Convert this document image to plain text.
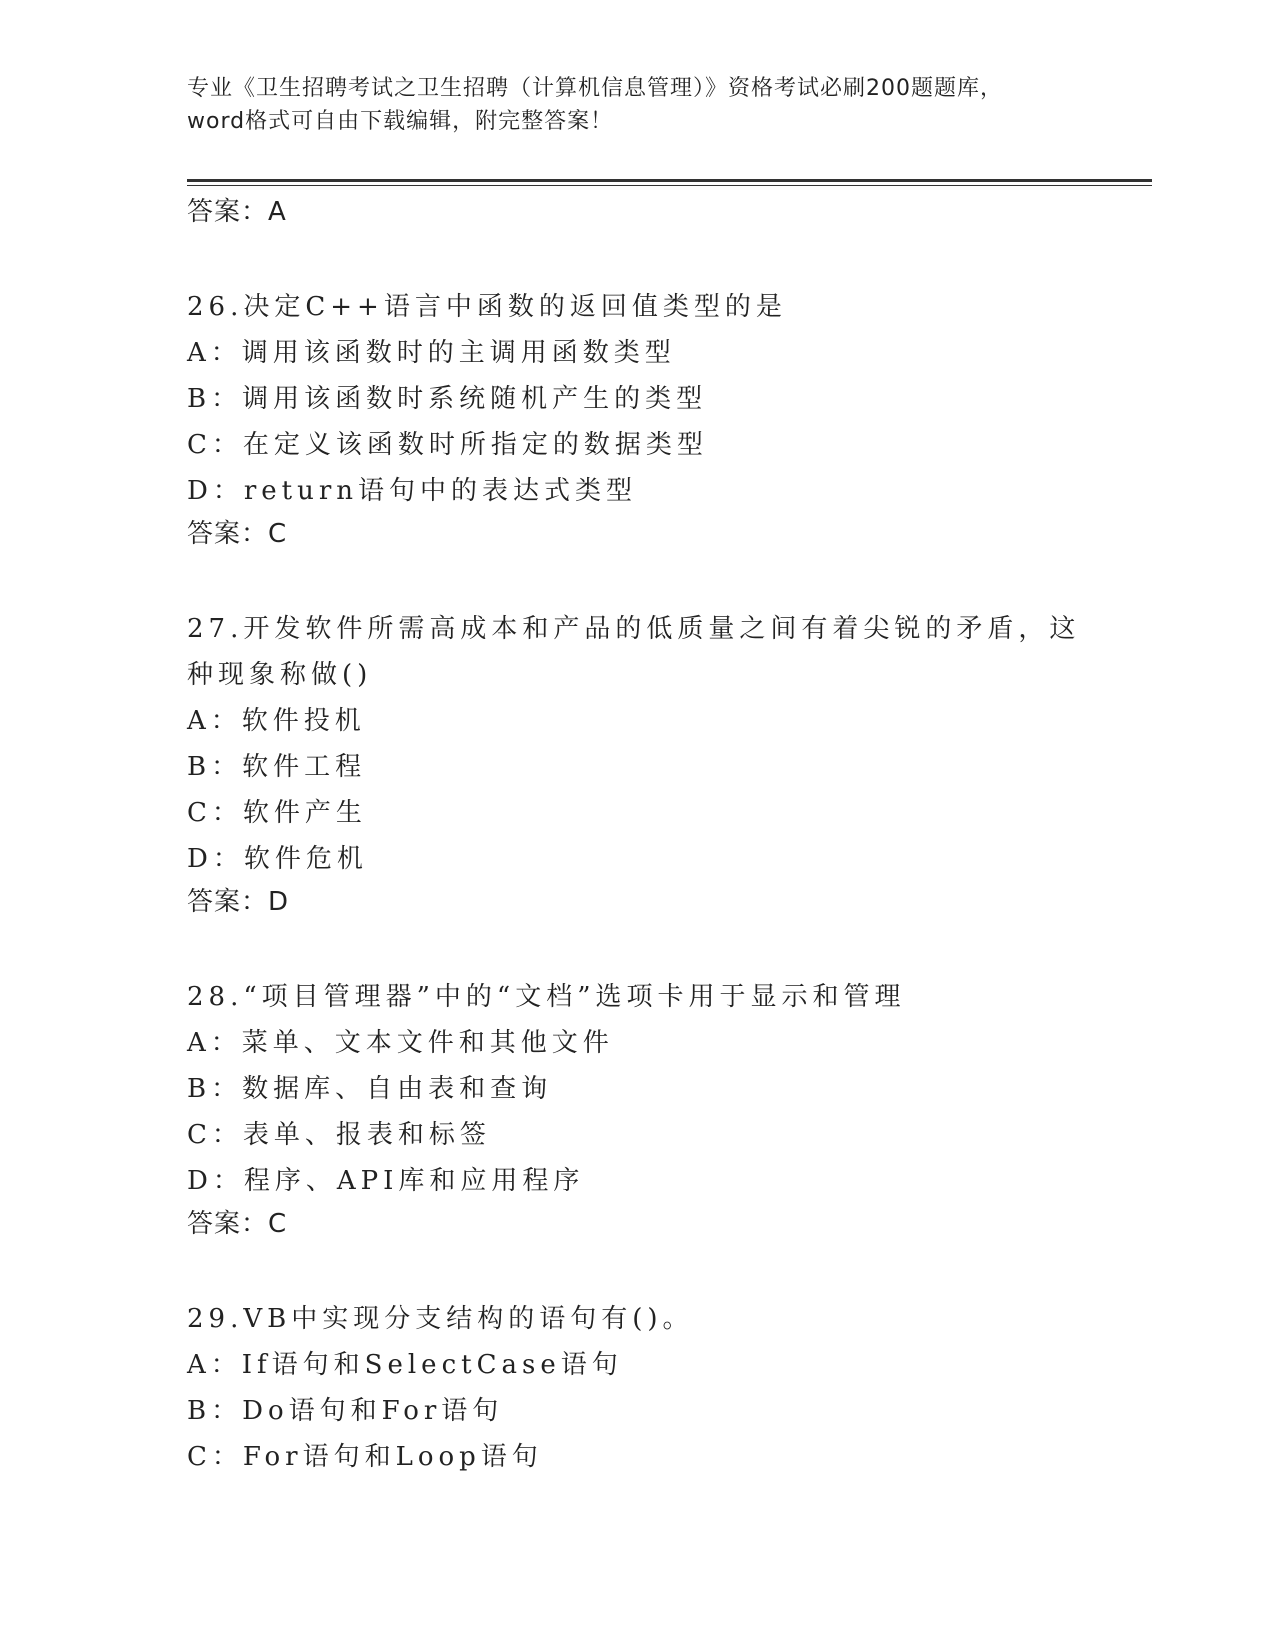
专业《卫生招聘考试之卫生招聘（计算机信息管理）》资格考试必刷200题题库，
word格式可自由下载编辑，附完整答案！
答案：A
26.决定C++语言中函数的返回值类型的是
A：调用该函数时的主调用函数类型
B：调用该函数时系统随机产生的类型
C：在定义该函数时所指定的数据类型
D：return语句中的表达式类型
答案：C
27.开发软件所需高成本和产品的低质量之间有着尖锐的矛盾，这种现象称做()
A：软件投机
B：软件工程
C：软件产生
D：软件危机
答案：D
28.“项目管理器”中的“文档”选项卡用于显示和管理
A：菜单、文本文件和其他文件
B：数据库、自由表和查询
C：表单、报表和标签
D：程序、API库和应用程序
答案：C
29.VB中实现分支结构的语句有()。
A：If语句和SelectCase语句
B：Do语句和For语句
C：For语句和Loop语句
